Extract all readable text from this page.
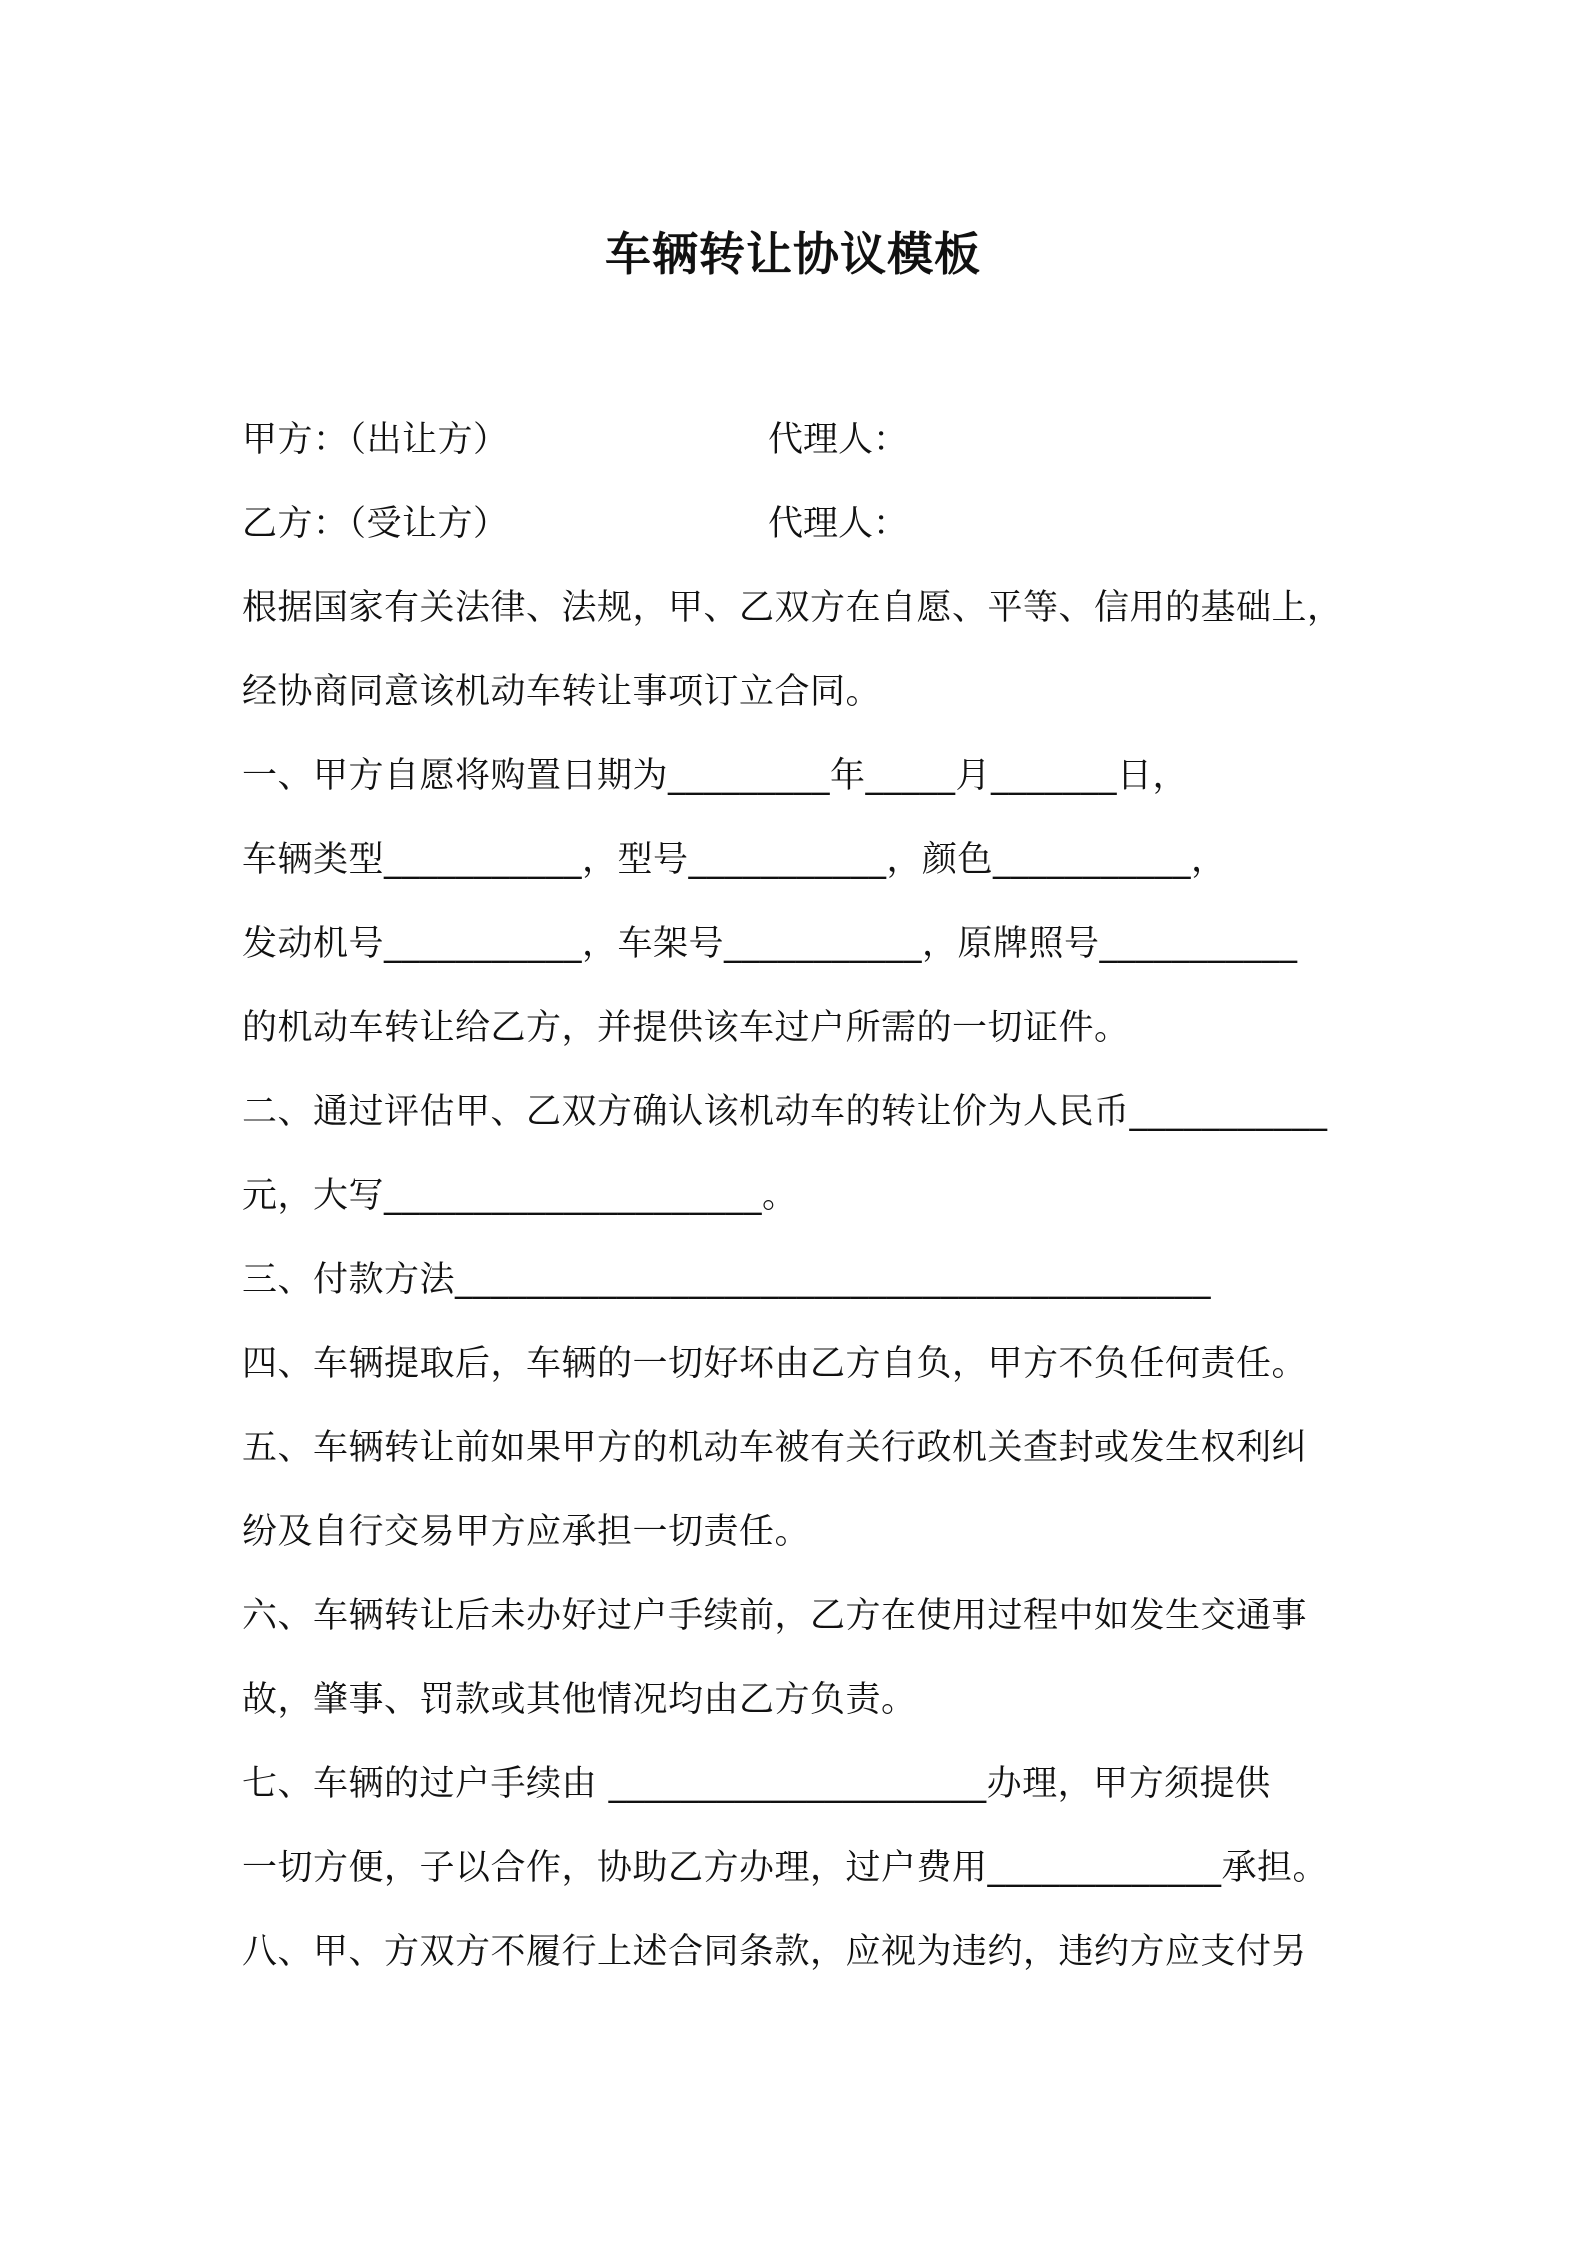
车辆转让协议模板
甲方：（出让方）	代理人：
乙方：（受让方）	代理人：
根据国家有关法律、法规，甲、乙双方在自愿、平等、信用的基础上，
经协商同意该机动车转让事项订立合同。
一、甲方自愿将购置日期为_________年_____月_______日，
车辆类型___________，型号___________，颜色___________，
发动机号___________，车架号___________，原牌照号___________
的机动车转让给乙方，并提供该车过户所需的一切证件。
二、通过评估甲、乙双方确认该机动车的转让价为人民币___________
元，大写_____________________。
三、付款方法__________________________________________
四、车辆提取后，车辆的一切好坏由乙方自负，甲方不负任何责任。
五、车辆转让前如果甲方的机动车被有关行政机关查封或发生权利纠
纷及自行交易甲方应承担一切责任。
六、车辆转让后未办好过户手续前，乙方在使用过程中如发生交通事
故，肇事、罚款或其他情况均由乙方负责。
七、车辆的过户手续由 _____________________办理，甲方须提供
一切方便，子以合作，协助乙方办理，过户费用_____________承担。
八、甲、方双方不履行上述合同条款，应视为违约，违约方应支付另
